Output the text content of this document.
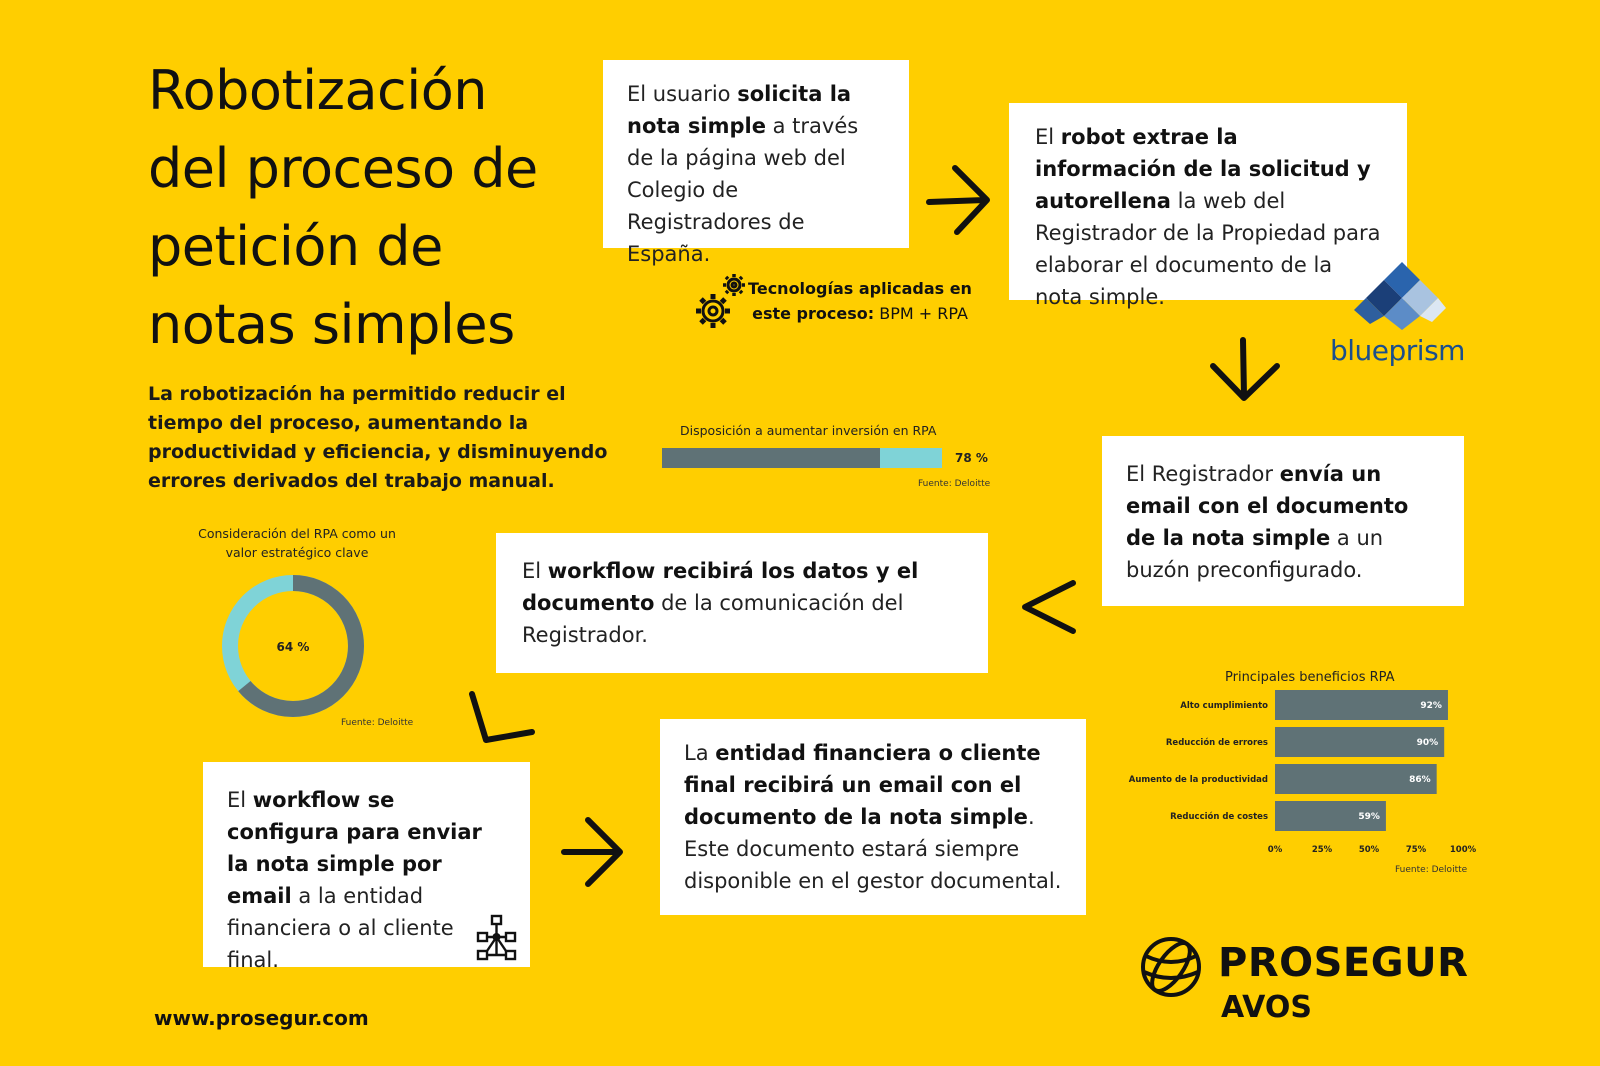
Robotización
del proceso de
petición de
notas simples
La robotización ha permitido reducir el tiempo del proceso, aumentando la productividad y eficiencia, y disminuyendo errores derivados del trabajo manual.
El usuario solicita la nota simple a través de la página web del Colegio de Registradores de España.
El robot extrae la información de la solicitud y autorellena la web del Registrador de la Propiedad para elaborar el documento de la nota simple.
El Registrador envía un email con el documento de la nota simple a un buzón preconfigurado.
El workflow recibirá los datos y el documento de la comunicación del Registrador.
El workflow se configura para enviar la nota simple por email a la entidad financiera o al cliente final.
La entidad financiera o cliente final recibirá un email con el documento de la nota simple. Este documento estará siempre disponible en el gestor documental.
Tecnologías aplicadas en este proceso: BPM + RPA
blueprism
Disposición a aumentar inversión en RPA
78 %
Fuente: Deloitte
Consideración del RPA como un
valor estratégico clave
64 %
Fuente: Deloitte
Principales beneficios RPA
Alto cumplimiento	92%
Reducción de errores	90%
Aumento de la productividad	86%
Reducción de costes	59%
0%	25%	50%	75%	100%
Fuente: Deloitte
PROSEGUR
AVOS
www.prosegur.com
